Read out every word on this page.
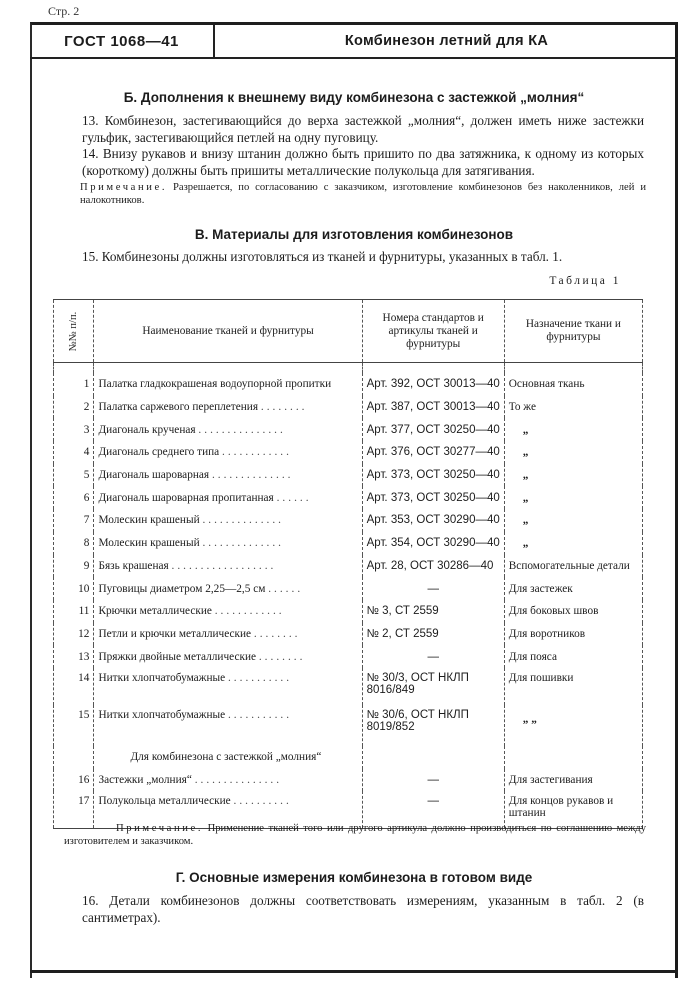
Стр. 2
ГОСТ 1068—41	Комбинезон летний для КА
Б. Дополнения к внешнему виду комбинезона с застежкой „молния“
13. Комбинезон, застегивающийся до верха застежкой „молния“, должен иметь ниже застежки гульфик, застегивающийся петлей на одну пуговицу.
14. Внизу рукавов и внизу штанин должно быть пришито по два затяжника, к одному из которых (короткому) должны быть пришиты металлические полукольца для затягивания.
Примечание. Разрешается, по согласованию с заказчиком, изготовление комбинезонов без наколенников, лей и налокотников.
В. Материалы для изготовления комбинезонов
15. Комбинезоны должны изготовляться из тканей и фурнитуры, указанных в табл. 1.
Таблица 1
№№ п/п.	Наименование тканей и фурнитуры	Номера стандартов и артикулы тканей и фурнитуры	Назначение ткани и фурнитуры

1	Палатка гладкокрашеная водоупорной пропитки	Арт. 392, ОСТ 30013—40	Основная ткань
2	Палатка саржевого переплетения ........	Арт. 387, ОСТ 30013—40	То же
3	Диагональ крученая ...............	Арт. 377, ОСТ 30250—40	„
4	Диагональ среднего типа ............	Арт. 376, ОСТ 30277—40	„
5	Диагональ шароварная ..............	Арт. 373, ОСТ 30250—40	„
6	Диагональ шароварная пропитанная ......	Арт. 373, ОСТ 30250—40	„
7	Молескин крашеный ..............	Арт. 353, ОСТ 30290—40	„
8	Молескин крашеный ..............	Арт. 354, ОСТ 30290—40	„
9	Бязь крашеная ..................	Арт. 28, ОСТ 30286—40	Вспомогательные детали
10	Пуговицы диаметром 2,25—2,5 см ......	—	Для застежек
11	Крючки металлические ............	№ 3, СТ 2559	Для боковых швов
12	Петли и крючки металлические ........	№ 2, СТ 2559	Для воротников
13	Пряжки двойные металлические ........	—	Для пояса
14	Нитки хлопчатобумажные ...........	№ 30/3, ОСТ НКЛП 8016/849	Для пошивки
15	Нитки хлопчатобумажные ...........	№ 30/6, ОСТ НКЛП 8019/852	„ „
	Для комбинезона с застежкой „молния“		
16	Застежки „молния“ ...............	—	Для застегивания
17	Полукольца металлические ..........	—	Для концов рукавов и штанин
Примечание. Применение тканей того или другого артикула должно производиться по соглашению между изготовителем и заказчиком.
Г. Основные измерения комбинезона в готовом виде
16. Детали комбинезонов должны соответствовать измерениям, указанным в табл. 2 (в сантиметрах).
